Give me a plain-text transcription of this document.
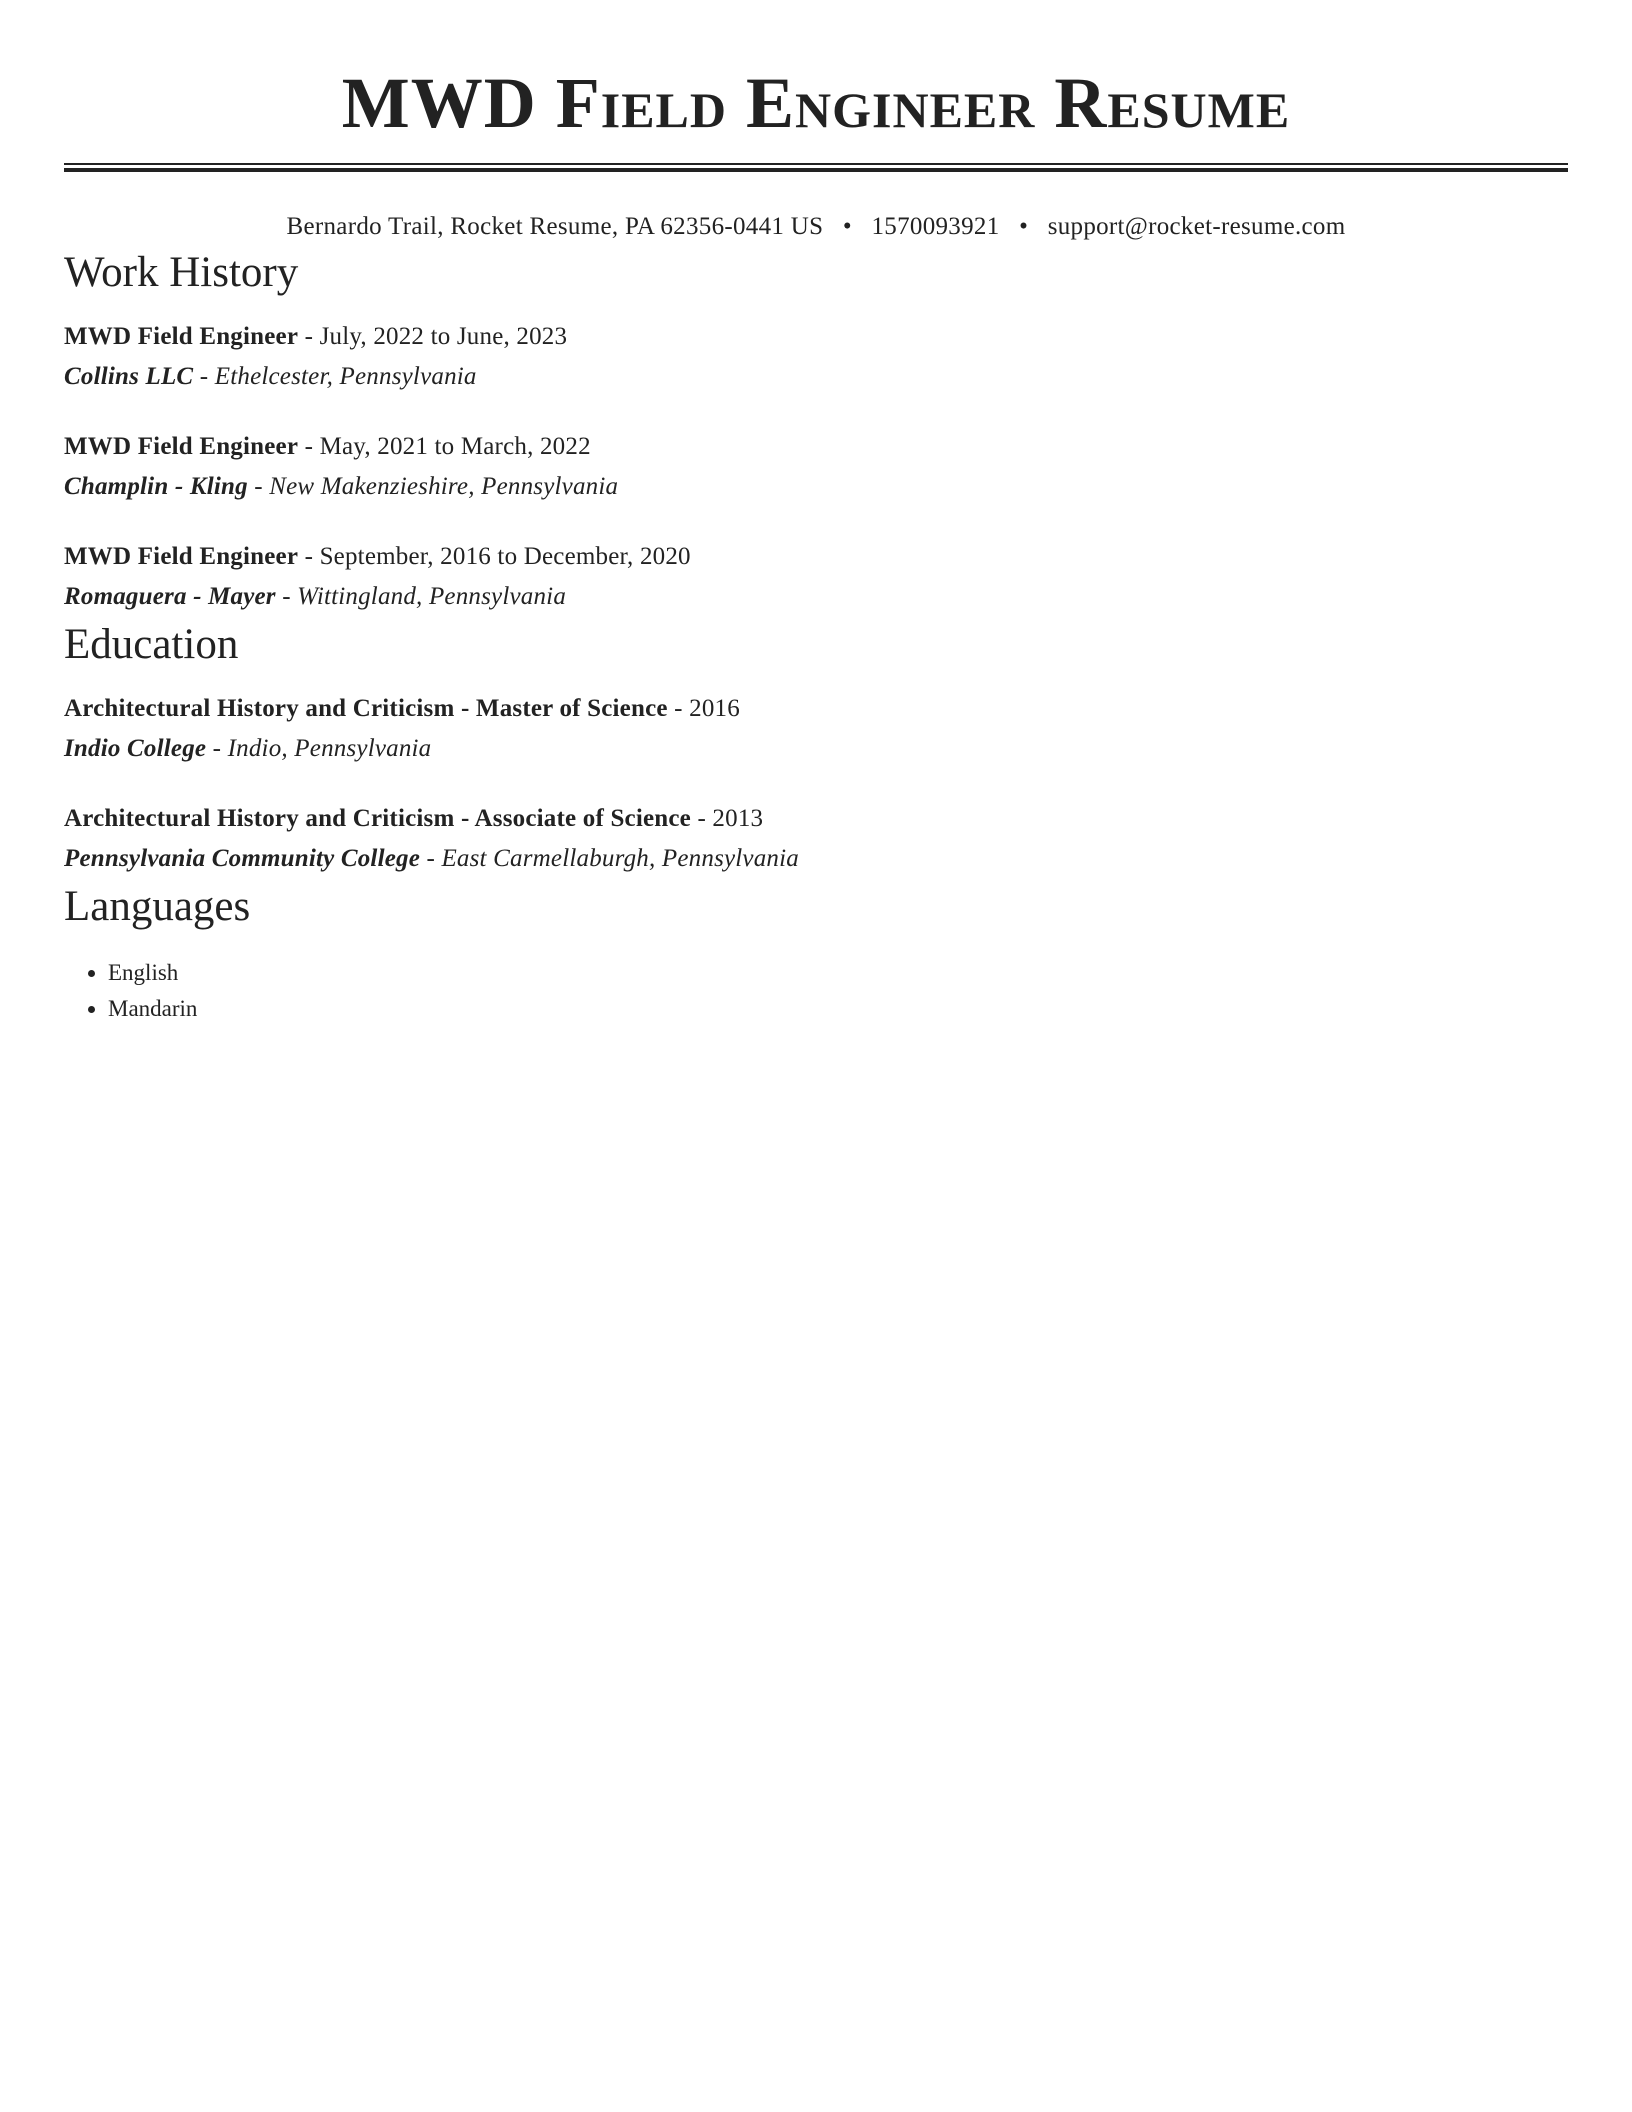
MWD Field Engineer Resume
Bernardo Trail, Rocket Resume, PA 62356-0441 US • 1570093921 • support@rocket-resume.com
Work History
MWD Field Engineer - July, 2022 to June, 2023
Collins LLC - Ethelcester, Pennsylvania
MWD Field Engineer - May, 2021 to March, 2022
Champlin - Kling - New Makenzieshire, Pennsylvania
MWD Field Engineer - September, 2016 to December, 2020
Romaguera - Mayer - Wittingland, Pennsylvania
Education
Architectural History and Criticism - Master of Science - 2016
Indio College - Indio, Pennsylvania
Architectural History and Criticism - Associate of Science - 2013
Pennsylvania Community College - East Carmellaburgh, Pennsylvania
Languages
• English
• Mandarin
